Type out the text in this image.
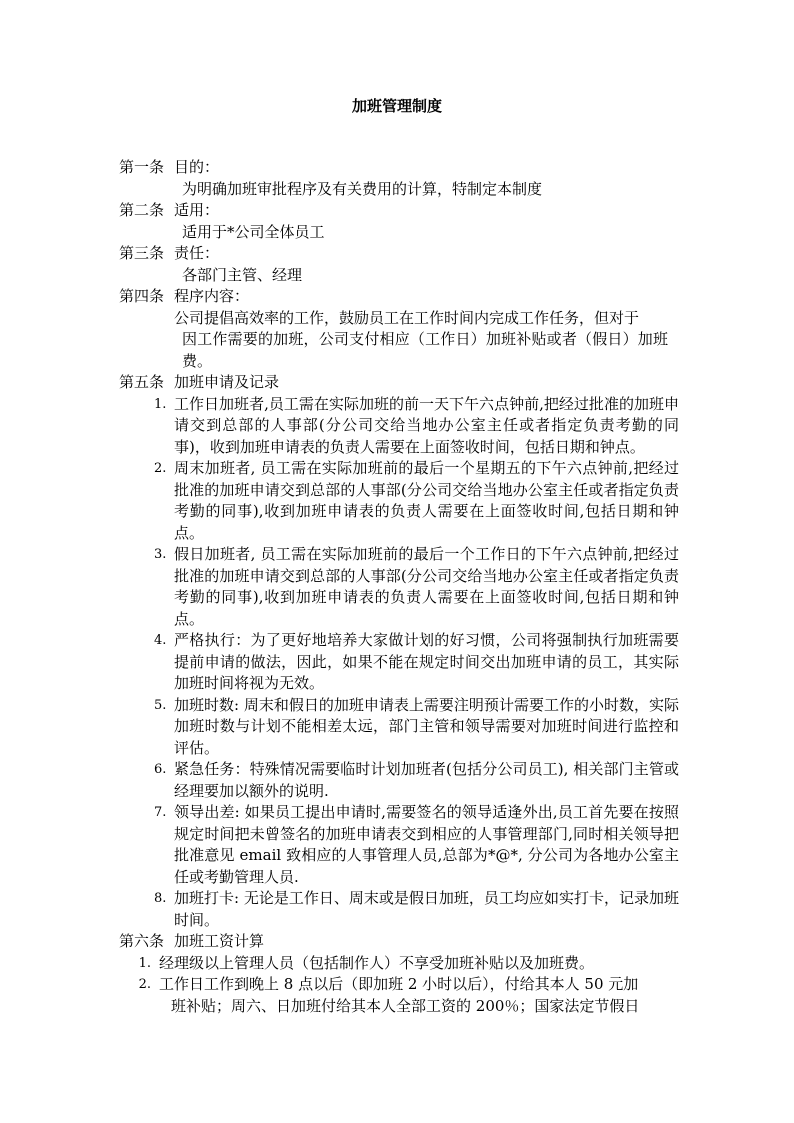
加班管理制度
第一条 目的：
为明确加班审批程序及有关费用的计算，特制定本制度
第二条 适用：
适用于*公司全体员工
第三条 责任：
各部门主管、经理
第四条 程序内容：
公司提倡高效率的工作，鼓励员工在工作时间内完成工作任务，但对于
因工作需要的加班，公司支付相应（工作日）加班补贴或者（假日）加班费。
第五条 加班申请及记录
1. 工作日加班者,员工需在实际加班的前一天下午六点钟前,把经过批准的加班申请交到总部的人事部(分公司交给当地办公室主任或者指定负责考勤的同事)，收到加班申请表的负责人需要在上面签收时间，包括日期和钟点。
2. 周末加班者, 员工需在实际加班前的最后一个星期五的下午六点钟前,把经过批准的加班申请交到总部的人事部(分公司交给当地办公室主任或者指定负责考勤的同事),收到加班申请表的负责人需要在上面签收时间,包括日期和钟点。
3. 假日加班者, 员工需在实际加班前的最后一个工作日的下午六点钟前,把经过批准的加班申请交到总部的人事部(分公司交给当地办公室主任或者指定负责考勤的同事),收到加班申请表的负责人需要在上面签收时间,包括日期和钟点。
4. 严格执行：为了更好地培养大家做计划的好习惯，公司将强制执行加班需要提前申请的做法，因此，如果不能在规定时间交出加班申请的员工，其实际加班时间将视为无效。
5. 加班时数: 周末和假日的加班申请表上需要注明预计需要工作的小时数，实际加班时数与计划不能相差太远，部门主管和领导需要对加班时间进行监控和评估。
6. 紧急任务：特殊情况需要临时计划加班者(包括分公司员工), 相关部门主管或经理要加以额外的说明.
7. 领导出差: 如果员工提出申请时,需要签名的领导适逢外出,员工首先要在按照规定时间把未曾签名的加班申请表交到相应的人事管理部门,同时相关领导把批准意见 email 致相应的人事管理人员,总部为*@*, 分公司为各地办公室主任或考勤管理人员.
8. 加班打卡: 无论是工作日、周末或是假日加班，员工均应如实打卡，记录加班时间。
第六条 加班工资计算
1. 经理级以上管理人员（包括制作人）不享受加班补贴以及加班费。
2. 工作日工作到晚上 8 点以后（即加班 2 小时以后），付给其本人 50 元加
班补贴；周六、日加班付给其本人全部工资的 200％；国家法定节假日
